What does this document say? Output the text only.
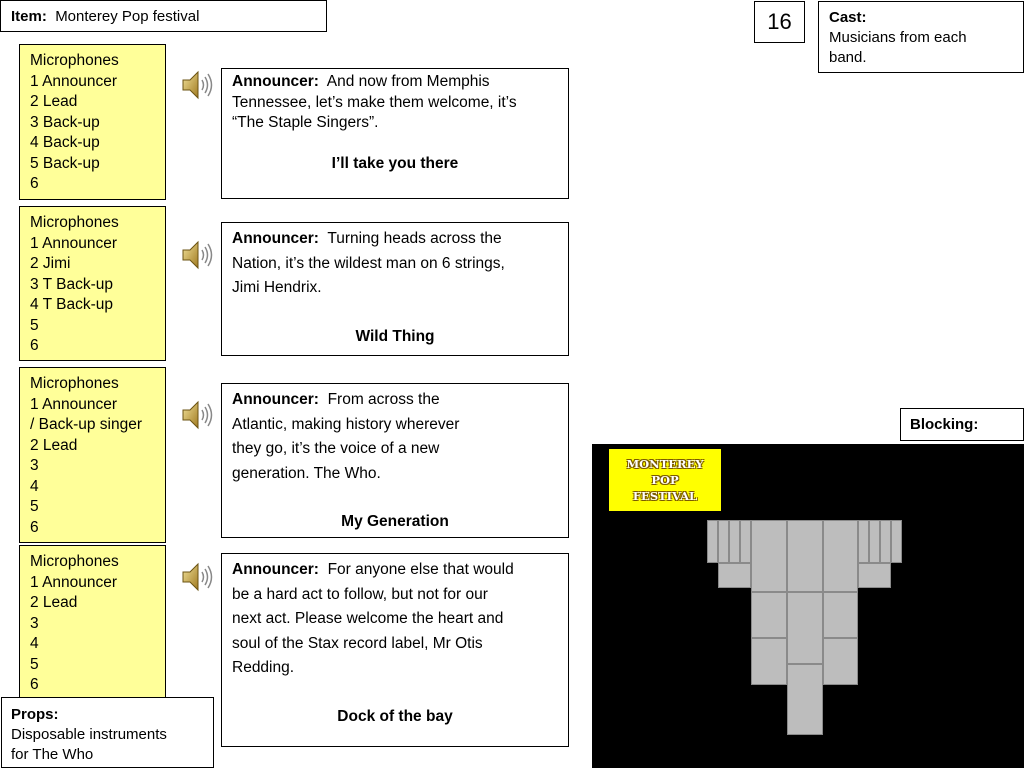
Item: Monterey Pop festival	16	Cast:
Musicians from each
band.
Microphones
1 Announcer
2 Lead
3 Back-up
4 Back-up
5 Back-up
6
Microphones
1 Announcer
2 Jimi
3 T Back-up
4 T Back-up
5
6
Microphones
1 Announcer
/ Back-up singer
2 Lead
3
4
5
6
Microphones
1 Announcer
2 Lead
3
4
5
6
Announcer: And now from Memphis
Tennessee, let’s make them welcome, it’s
“The Staple Singers”.
I’ll take you there
Announcer: Turning heads across the
Nation, it’s the wildest man on 6 strings,
Jimi Hendrix.
Wild Thing
Announcer: From across the
Atlantic, making history wherever
they go, it’s the voice of a new
generation. The Who.
My Generation
Announcer: For anyone else that would
be a hard act to follow, but not for our
next act. Please welcome the heart and
soul of the Stax record label, Mr Otis
Redding.
Dock of the bay
Blocking:
MONTEREY
POP
FESTIVAL
Props:
Disposable instruments
for The Who
